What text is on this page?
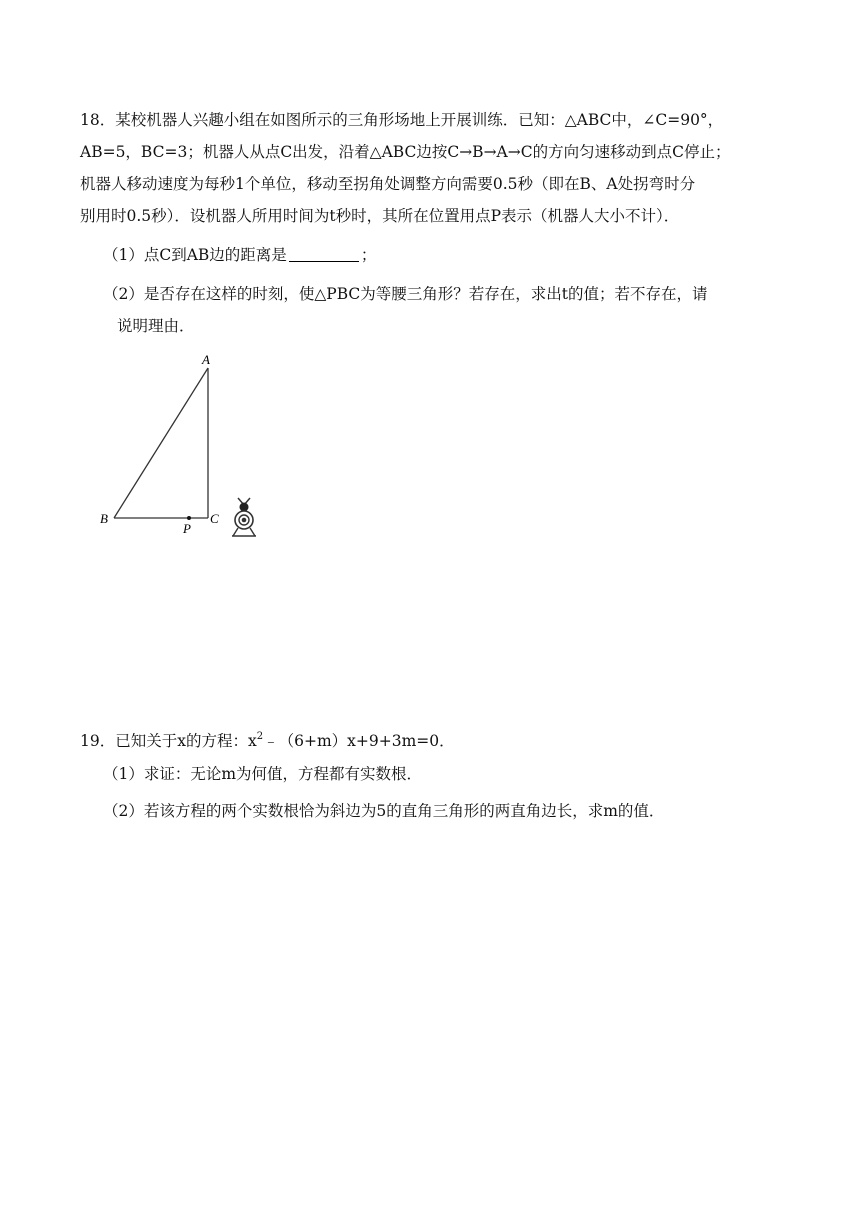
18．某校机器人兴趣小组在如图所示的三角形场地上开展训练．已知：△ABC中，∠C=90°，
AB=5，BC=3；机器人从点C出发，沿着△ABC边按C→B→A→C的方向匀速移动到点C停止；
机器人移动速度为每秒1个单位，移动至拐角处调整方向需要0.5秒（即在B、A处拐弯时分
别用时0.5秒）．设机器人所用时间为t秒时，其所在位置用点P表示（机器人大小不计）．
（1）点C到AB边的距离是	；
（2）是否存在这样的时刻，使△PBC为等腰三角形？若存在，求出t的值；若不存在，请
说明理由．
A
B	C
P
19．已知关于x的方程：$x^2﹣(6+m)x+9+3m=0$．
（1）求证：无论m为何值，方程都有实数根．
（2）若该方程的两个实数根恰为斜边为5的直角三角形的两直角边长，求m的值．
